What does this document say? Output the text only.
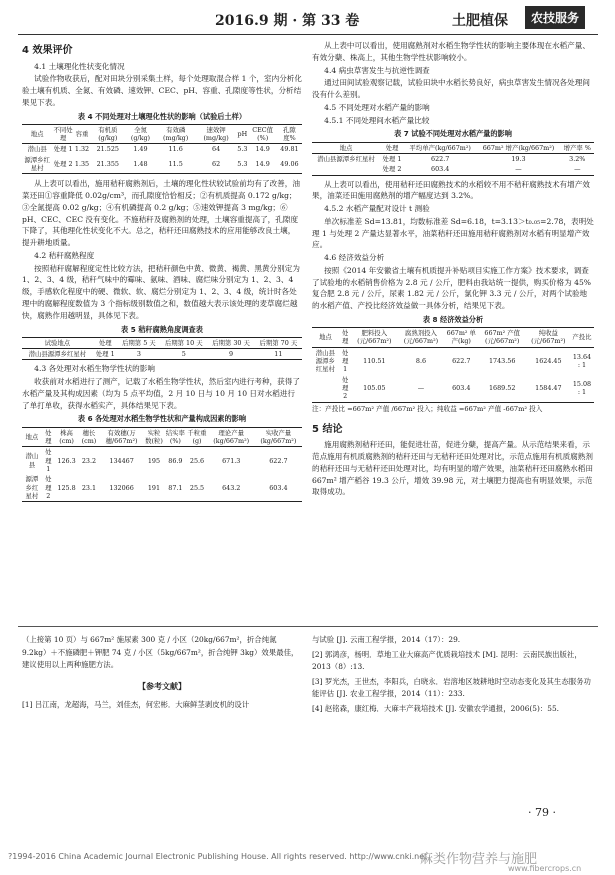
2016.9 期 · 第 33 卷	土肥植保	农技服务

4 效果评价

4.1 土壤理化性状变化情况

试验作物收获后，配对田块分别采集土样，每个处理取混合样 1 个，室内分析化验土壤有机质、全氮、有效磷、速效钾、CEC、pH、容重、孔隙度等性状，分析结果见下表。

表 4 不同处理对土壤理化性状的影响（试验后土样）
地点	不同处理	容重	有机质(g/kg)	全氮(g/kg)	有效磷(mg/kg)	速效钾(mg/kg)	pH	CEC值(%)	孔隙度%
潜山县	处理 1	1.32	21.525	1.49	11.6	64	5.3	14.9	49.81
源潭乡红星村	处理 2	1.35	21.355	1.48	11.5	62	5.3	14.9	49.06

从上表可以看出，施用秸秆腐熟剂后，土壤的理化性状较试验前均有了改善，油菜还田①容重降低 0.02g/cm³，而孔隙度恰恰相反；②有机质提高 0.172 g/kg；③全氮提高 0.02 g/kg；④有机磷提高 0.2 g/kg；⑤速效钾提高 3 mg/kg；⑥ pH、CEC、CEC 没有变化。不施秸秆及腐熟剂的处理，土壤容重提高了，孔隙度下降了，其他理化性状变化不大。总之，秸秆还田腐熟技术的应用能够改良土壤，提升耕地质量。

4.2 秸秆腐熟程度

按照秸秆腐解程度定性比较方法，把秸秆颜色中黄、微黄、褐黄、黑黄分别定为 1、2、3、4 级，秸秆气味中的霉味、氨味、酒味、腐烂味分别定为 1、2、3、4 级，手感软化程度中的硬、微软、软、腐烂分别定为 1、2、3、4 级，统计时各处理中的腐解程度数值为 3 个指标级别数值之和，数值越大表示该处理的麦草腐烂越快，腐熟作用越明显，具体见下表。

表 5 秸秆腐熟角度调查表
试验地点	处理	后期第 5 天	后期第 10 天	后期第 30 天	后期第 70 天
潜山县源潭乡红星村	处理 1	3	5	9	11

4.3 各处理对水稻生物学性状的影响

收获前对水稻进行了测产，记载了水稻生物学性状，然后室内进行考种，获得了水稻产量及其构成因素（均为 5 点平均值，2 月 10 日与 10 月 10 日对水稻进行了单打单收，获得水稻实产，具体结果见下表。

表 6 各处理对水稻生物学性状和产量构成因素的影响
地点	处理	株高(cm)	穗长(cm)	有效穗(万穗/667m²)	实粒数(粒)	结实率(%)	千粒重(g)	理论产量(kg/667m²)	实收产量(kg/667m²)
潜山县	处理 1	126.3	23.2	134467	195	86.9	25.6	671.3	622.7
源潭乡红星村	处理 2	125.8	23.1	132066	191	87.1	25.5	643.2	603.4

从上表中可以看出，使用腐熟剂对水稻生物学性状的影响主要体现在水稻产量、有效分蘖、株高上，其他生物学性状影响较小。

4.4 病虫草害发生与抗逆性调查

通过田间试验观察记载，试验田块中水稻长势良好，病虫草害发生情况各处理间没有什么差别。

4.5 不同处理对水稻产量的影响

4.5.1 不同处理间水稻产量比较

表 7 试验不同处理对水稻产量的影响
地点	处理	平均单产(kg/667m²)	667m² 增产(kg/667m²)	增产率 %
潜山县源潭乡红星村	处理 1	622.7	19.3	3.2%
	处理 2	603.4	—	—

从上表可以看出，使用秸秆还田腐熟技术的水稻较不用不秸秆腐熟技术有增产效果，油菜还田施用腐熟剂的增产幅度达到 3.2%。

4.5.2 水稻产量配对设计 t 测验

单次标准差 Sd=13.81，均数标准差 Sd=6.18，t=3.13＞t₀.₀₅=2.78，表明处理 1 与处理 2 产量达显著水平，油菜秸秆还田施用秸秆腐熟剂对水稻有明显增产效应。

4.6 经济效益分析

按照《2014 年安徽省土壤有机质提升补贴项目实施工作方案》技术要求，调查了试验地的水稻销售价格为 2.8 元 / 公斤，肥料由我站统一提供，购买价格为 45% 复合肥 2.8 元 / 公斤，尿素 1.82 元 / 公斤，氯化钾 3.3 元 / 公斤，对两个试验地的水稻产值、产投比经济效益做一具体分析，结果见下表。

表 8 经济效益分析
地点	处理	肥料投入(元/667m²)	腐熟剂投入(元/667m²)	667m² 单产(kg)	667m² 产值(元/667m²)	纯收益(元/667m²)	产投比
潜山县源潭乡红星村	处理 1	110.51	8.6	622.7	1743.56	1624.45	13.64 : 1
	处理 2	105.05	—	603.4	1689.52	1584.47	15.08 : 1
注：产投比 =667m² 产值 /667m² 投入；纯收益 =667m² 产值 -667m² 投入

5 结论

施用腐熟剂秸秆还田，能促进壮苗，促进分蘖，提高产量。从示范结果来看，示范点施用有机质腐熟剂的秸秆还田与无秸秆还田处理对比，示范点施用有机质腐熟剂的秸秆还田与无秸秆还田处理对比，均有明显的增产效果，油菜秸秆还田腐熟水稻田 667m² 增产稻谷 19.3 公斤，增效 39.98 元，对土壤肥力提高也有明显效果，示范取得成功。

（上接第 10 页）与 667m² 施尿素 300 克 / 小区（20kg/667m²，折合纯氮 9.2kg）＋不施磷肥＋钾肥 74 克 / 小区（5kg/667m²，折合纯钾 3kg）效果最佳，建议使用以上两种施肥方法。

【参考文献】

[1] 吕江南，龙超海，马兰，刘佳杰，何宏彬．大麻鲜茎剥皮机的设计

与试验 [J]. 云南工程学报，2014（17）：29.

[2] 郭鸿彦，杨明．草地工业大麻高产优质栽培技术 [M]. 昆明：云南民族出版社，2013（8）:13.

[3] 罗光杰，王世杰，李阳兵，白晓永．岩溶地区坡耕地时空动态变化及其生态服务功能评估 [J]. 农业工程学报，2014（11）：233.

[4] 赵铭森，康红梅．大麻丰产栽培技术 [J]. 安徽农学通报，2006(5)：55.

· 79 ·
?1994-2016 China Academic Journal Electronic Publishing House. All rights reserved. http://www.cnki.net
麻类作物营养与施肥
www.fibercrops.cn
